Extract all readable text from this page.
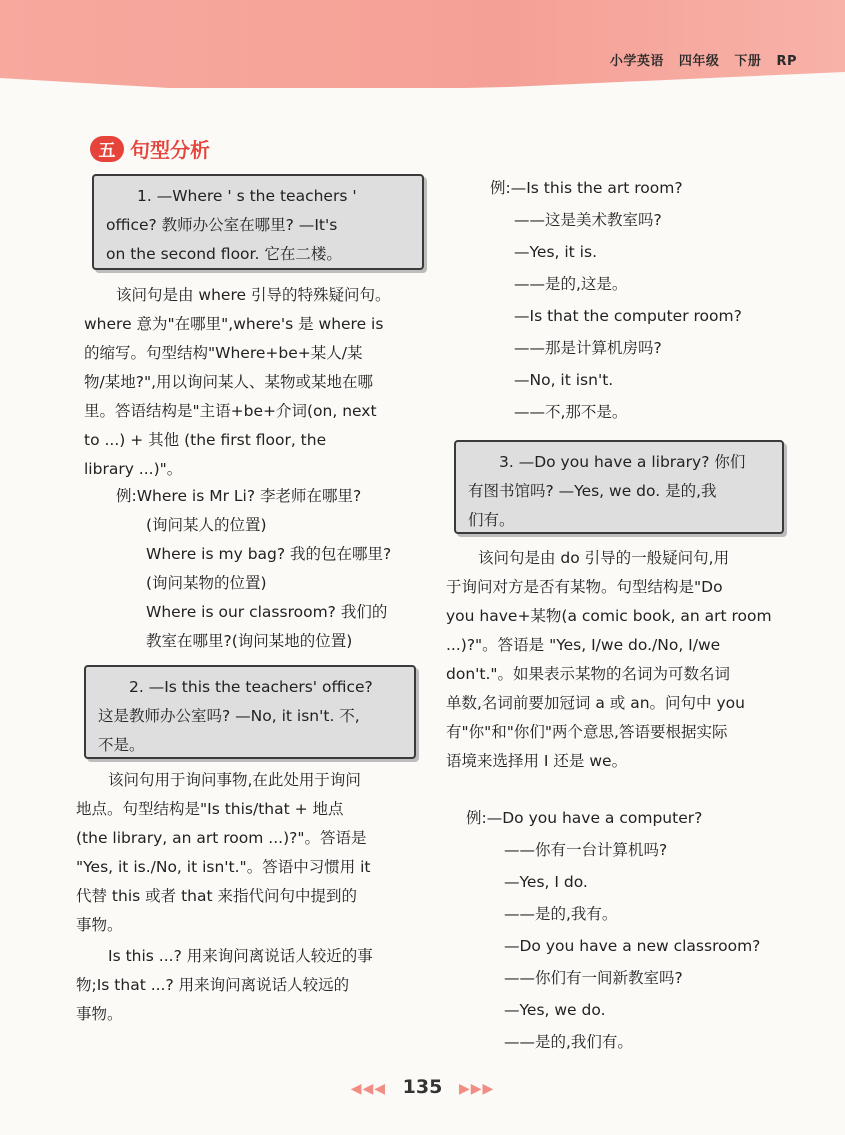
小学英语 四年级 下册 RP
五 句型分析
1. —Where ' s the teachers '
office? 教师办公室在哪里? —It's
on the second floor. 它在二楼。
该问句是由 where 引导的特殊疑问句。
where 意为"在哪里",where's 是 where is
的缩写。句型结构"Where+be+某人/某
物/某地?",用以询问某人、某物或某地在哪
里。答语结构是"主语+be+介词(on, next
to ...) + 其他 (the first floor, the
library ...)"。
例:Where is Mr Li? 李老师在哪里?
(询问某人的位置)
Where is my bag? 我的包在哪里?
(询问某物的位置)
Where is our classroom? 我们的
教室在哪里?(询问某地的位置)
2. —Is this the teachers' office?
这是教师办公室吗? —No, it isn't. 不,
不是。
该问句用于询问事物,在此处用于询问
地点。句型结构是"Is this/that + 地点
(the library, an art room ...)?"。答语是
"Yes, it is./No, it isn't."。答语中习惯用 it
代替 this 或者 that 来指代问句中提到的
事物。
Is this ...? 用来询问离说话人较近的事
物;Is that ...? 用来询问离说话人较远的
事物。
例:—Is this the art room?
——这是美术教室吗?
—Yes, it is.
——是的,这是。
—Is that the computer room?
——那是计算机房吗?
—No, it isn't.
——不,那不是。
3. —Do you have a library? 你们
有图书馆吗? —Yes, we do. 是的,我
们有。
该问句是由 do 引导的一般疑问句,用
于询问对方是否有某物。句型结构是"Do
you have+某物(a comic book, an art room
...)?"。答语是 "Yes, I/we do./No, I/we
don't."。如果表示某物的名词为可数名词
单数,名词前要加冠词 a 或 an。问句中 you
有"你"和"你们"两个意思,答语要根据实际
语境来选择用 I 还是 we。
例:—Do you have a computer?
——你有一台计算机吗?
—Yes, I do.
——是的,我有。
—Do you have a new classroom?
——你们有一间新教室吗?
—Yes, we do.
——是的,我们有。
◀◀◀ 135 ▶▶▶
